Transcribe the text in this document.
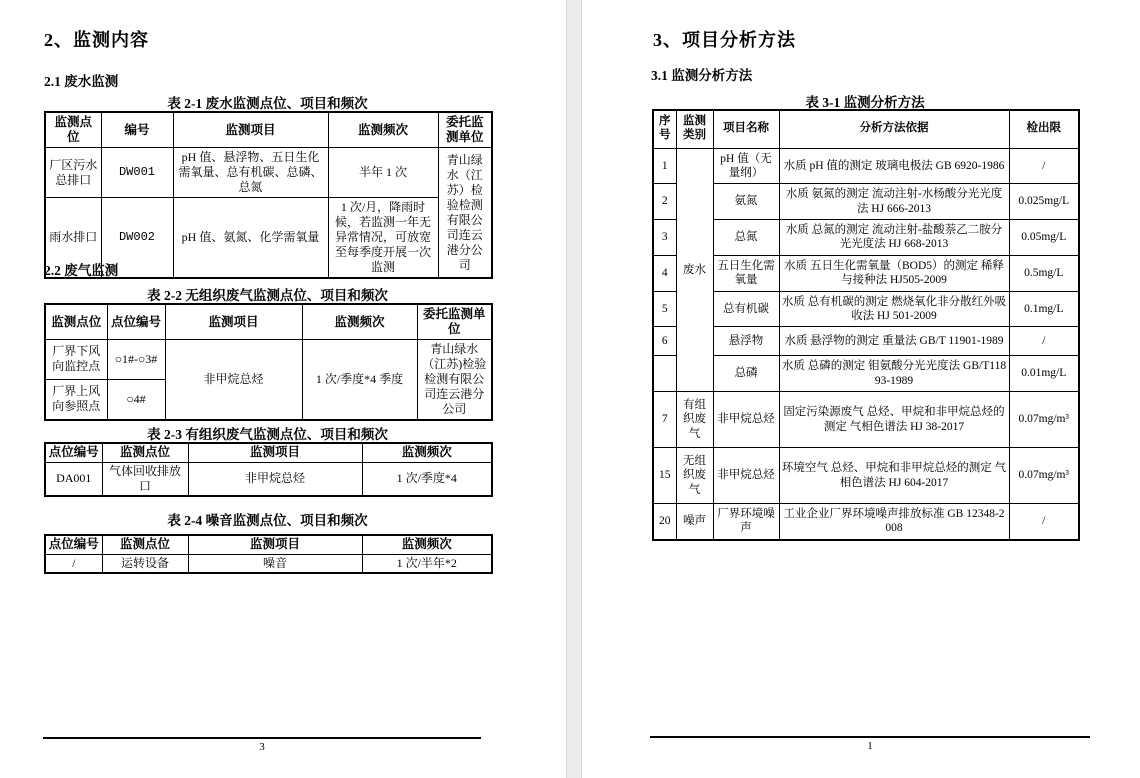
2、监测内容
2.1 废水监测
表 2-1 废水监测点位、项目和频次
监测点位	编号	监测项目	监测频次	委托监测单位
厂区污水总排口	DW001	pH 值、悬浮物、五日生化需氧量、总有机碳、总磷、总氮	半年 1 次	青山绿水（江苏）检验检测有限公司连云港分公司
雨水排口	DW002	pH 值、氨氮、化学需氧量	1 次/月，降雨时候，若监测一年无异常情况，可放宽至每季度开展一次监测	
2.2 废气监测
表 2-2 无组织废气监测点位、项目和频次
监测点位	点位编号	监测项目	监测频次	委托监测单位
厂界下风向监控点	○1#-○3#	非甲烷总烃	1 次/季度*4 季度	青山绿水（江苏)检验检测有限公司连云港分公司
厂界上风向参照点	○4#			
表 2-3 有组织废气监测点位、项目和频次
点位编号	监测点位	监测项目	监测频次
DA001	气体回收排放口	非甲烷总烃	1 次/季度*4
表 2-4 噪音监测点位、项目和频次
点位编号	监测点位	监测项目	监测频次
/	运转设备	噪音	1 次/半年*2
3
3、项目分析方法
3.1 监测分析方法
表 3-1 监测分析方法
序号	监测类别	项目名称	分析方法依据	检出限
1	废水	pH 值（无量纲）	水质 pH 值的测定 玻璃电极法 GB 6920-1986	/
2		氨氮	水质 氨氮的测定 流动注射-水杨酸分光光度法 HJ 666-2013	0.025mg/L
3		总氮	水质 总氮的测定 流动注射-盐酸萘乙二胺分光光度法 HJ 668-2013	0.05mg/L
4		五日生化需氧量	水质 五日生化需氧量（BOD5）的测定 稀释与接种法 HJ505-2009	0.5mg/L
5		总有机碳	水质 总有机碳的测定 燃烧氧化非分散红外吸收法 HJ 501-2009	0.1mg/L
6		悬浮物	水质 悬浮物的测定 重量法 GB/T 11901-1989	/
		总磷	水质 总磷的测定 钼氨酸分光光度法 GB/T11893-1989	0.01mg/L
7	有组织废气	非甲烷总烃	固定污染源废气 总烃、甲烷和非甲烷总烃的测定 气相色谱法 HJ 38-2017	0.07mg/m³
15	无组织废气	非甲烷总烃	环境空气 总烃、甲烷和非甲烷总烃的测定 气相色谱法 HJ 604-2017	0.07mg/m³
20	噪声	厂界环境噪声	工业企业厂界环境噪声排放标准 GB 12348-2008	/
1
